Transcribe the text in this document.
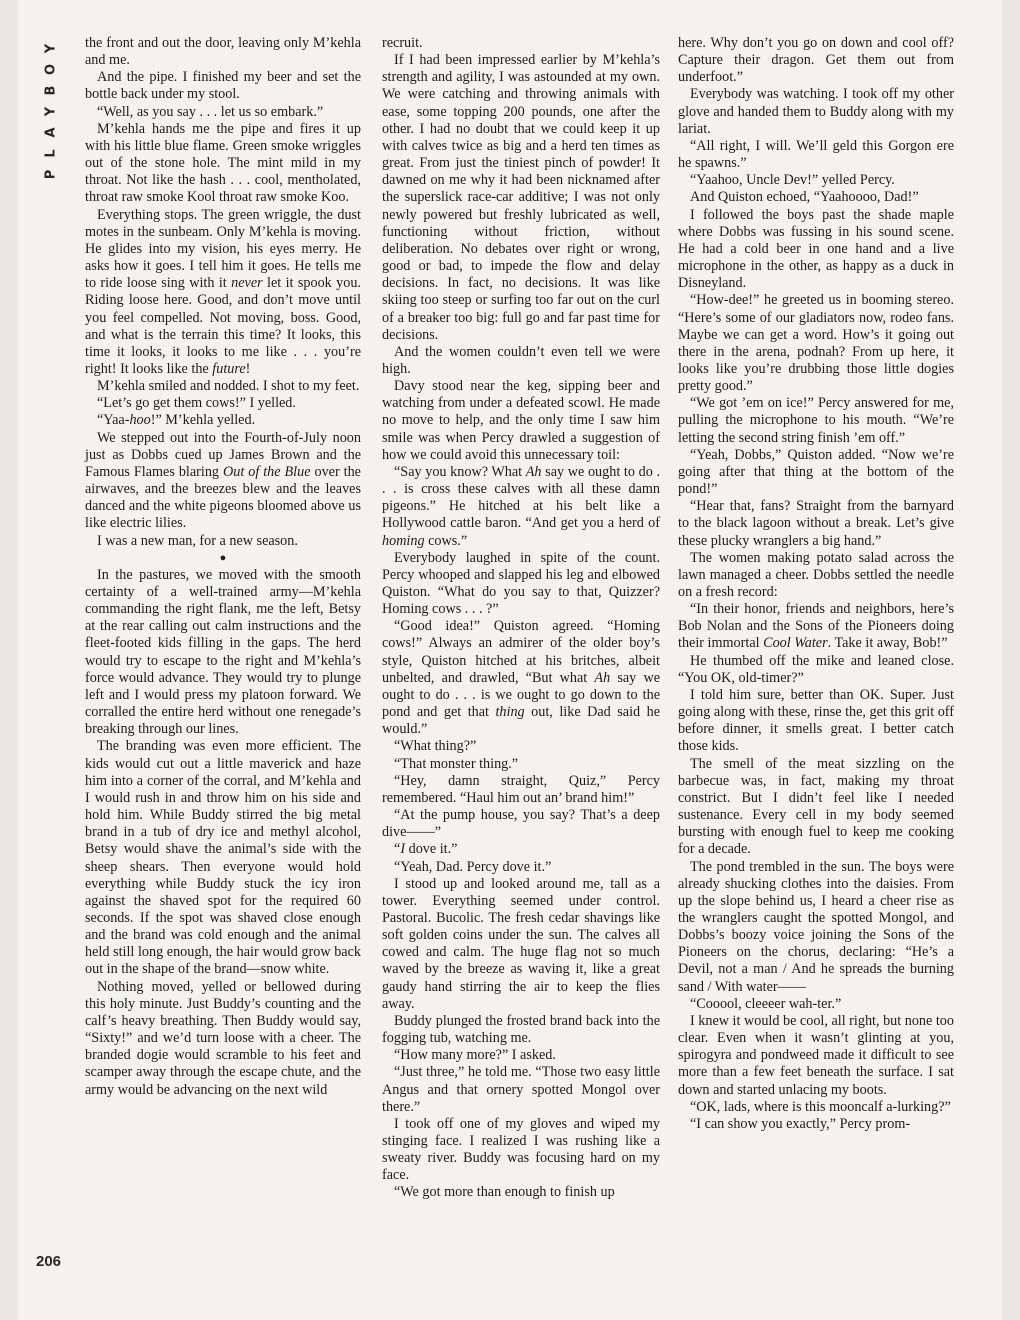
Y
O
B
Y
A
L
P
206

the front and out the door, leaving only M’kehla and me.

And the pipe. I finished my beer and set the bottle back under my stool.

“Well, as you say . . . let us so embark.”

M’kehla hands me the pipe and fires it up with his little blue flame. Green smoke wriggles out of the stone hole. The mint mild in my throat. Not like the hash . . . cool, mentholated, throat raw smoke Kool throat raw smoke Koo.

Everything stops. The green wriggle, the dust motes in the sunbeam. Only M’kehla is moving. He glides into my vision, his eyes merry. He asks how it goes. I tell him it goes. He tells me to ride loose sing with it never let it spook you. Riding loose here. Good, and don’t move until you feel compelled. Not moving, boss. Good, and what is the terrain this time? It looks, this time it looks, it looks to me like . . . you’re right! It looks like the future!

M’kehla smiled and nodded. I shot to my feet.

“Let’s go get them cows!” I yelled.

“Yaa-hoo!” M’kehla yelled.

We stepped out into the Fourth-of-July noon just as Dobbs cued up James Brown and the Famous Flames blaring Out of the Blue over the airwaves, and the breezes blew and the leaves danced and the white pigeons bloomed above us like electric lilies.

I was a new man, for a new season.

●

In the pastures, we moved with the smooth certainty of a well-trained army—M’kehla commanding the right flank, me the left, Betsy at the rear calling out calm instructions and the fleet-footed kids filling in the gaps. The herd would try to escape to the right and M’kehla’s force would advance. They would try to plunge left and I would press my platoon forward. We corralled the entire herd without one renegade’s breaking through our lines.

The branding was even more efficient. The kids would cut out a little maverick and haze him into a corner of the corral, and M’kehla and I would rush in and throw him on his side and hold him. While Buddy stirred the big metal brand in a tub of dry ice and methyl alcohol, Betsy would shave the animal’s side with the sheep shears. Then everyone would hold everything while Buddy stuck the icy iron against the shaved spot for the required 60 seconds. If the spot was shaved close enough and the brand was cold enough and the animal held still long enough, the hair would grow back out in the shape of the brand—snow white.

Nothing moved, yelled or bellowed during this holy minute. Just Buddy’s counting and the calf’s heavy breathing. Then Buddy would say, “Sixty!” and we’d turn loose with a cheer. The branded dogie would scramble to his feet and scamper away through the escape chute, and the army would be advancing on the next wild

recruit.

If I had been impressed earlier by M’kehla’s strength and agility, I was astounded at my own. We were catching and throwing animals with ease, some topping 200 pounds, one after the other. I had no doubt that we could keep it up with calves twice as big and a herd ten times as great. From just the tiniest pinch of powder! It dawned on me why it had been nicknamed after the superslick race-car additive; I was not only newly powered but freshly lubricated as well, functioning without friction, without deliberation. No debates over right or wrong, good or bad, to impede the flow and delay decisions. In fact, no decisions. It was like skiing too steep or surfing too far out on the curl of a breaker too big: full go and far past time for decisions.

And the women couldn’t even tell we were high.

Davy stood near the keg, sipping beer and watching from under a defeated scowl. He made no move to help, and the only time I saw him smile was when Percy drawled a suggestion of how we could avoid this unnecessary toil:

“Say you know? What Ah say we ought to do . . . is cross these calves with all these damn pigeons.” He hitched at his belt like a Hollywood cattle baron. “And get you a herd of homing cows.”

Everybody laughed in spite of the count. Percy whooped and slapped his leg and elbowed Quiston. “What do you say to that, Quizzer? Homing cows . . . ?”

“Good idea!” Quiston agreed. “Homing cows!” Always an admirer of the older boy’s style, Quiston hitched at his britches, albeit unbelted, and drawled, “But what Ah say we ought to do . . . is we ought to go down to the pond and get that thing out, like Dad said he would.”

“What thing?”

“That monster thing.”

“Hey, damn straight, Quiz,” Percy remembered. “Haul him out an’ brand him!”

“At the pump house, you say? That’s a deep dive——”

“I dove it.”

“Yeah, Dad. Percy dove it.”

I stood up and looked around me, tall as a tower. Everything seemed under control. Pastoral. Bucolic. The fresh cedar shavings like soft golden coins under the sun. The calves all cowed and calm. The huge flag not so much waved by the breeze as waving it, like a great gaudy hand stirring the air to keep the flies away.

Buddy plunged the frosted brand back into the fogging tub, watching me.

“How many more?” I asked.

“Just three,” he told me. “Those two easy little Angus and that ornery spotted Mongol over there.”

I took off one of my gloves and wiped my stinging face. I realized I was rushing like a sweaty river. Buddy was focusing hard on my face.

“We got more than enough to finish up

here. Why don’t you go on down and cool off? Capture their dragon. Get them out from underfoot.”

Everybody was watching. I took off my other glove and handed them to Buddy along with my lariat.

“All right, I will. We’ll geld this Gorgon ere he spawns.”

“Yaahoo, Uncle Dev!” yelled Percy.

And Quiston echoed, “Yaahoooo, Dad!”

I followed the boys past the shade maple where Dobbs was fussing in his sound scene. He had a cold beer in one hand and a live microphone in the other, as happy as a duck in Disneyland.

“How-dee!” he greeted us in booming stereo. “Here’s some of our gladiators now, rodeo fans. Maybe we can get a word. How’s it going out there in the arena, podnah? From up here, it looks like you’re drubbing those little dogies pretty good.”

“We got ’em on ice!” Percy answered for me, pulling the microphone to his mouth. “We’re letting the second string finish ’em off.”

“Yeah, Dobbs,” Quiston added. “Now we’re going after that thing at the bottom of the pond!”

“Hear that, fans? Straight from the barnyard to the black lagoon without a break. Let’s give these plucky wranglers a big hand.”

The women making potato salad across the lawn managed a cheer. Dobbs settled the needle on a fresh record:

“In their honor, friends and neighbors, here’s Bob Nolan and the Sons of the Pioneers doing their immortal Cool Water. Take it away, Bob!”

He thumbed off the mike and leaned close. “You OK, old-timer?”

I told him sure, better than OK. Super. Just going along with these, rinse the, get this grit off before dinner, it smells great. I better catch those kids.

The smell of the meat sizzling on the barbecue was, in fact, making my throat constrict. But I didn’t feel like I needed sustenance. Every cell in my body seemed bursting with enough fuel to keep me cooking for a decade.

The pond trembled in the sun. The boys were already shucking clothes into the daisies. From up the slope behind us, I heard a cheer rise as the wranglers caught the spotted Mongol, and Dobbs’s boozy voice joining the Sons of the Pioneers on the chorus, declaring: “He’s a Devil, not a man / And he spreads the burning sand / With water——

“Cooool, cleeeer wah-ter.”

I knew it would be cool, all right, but none too clear. Even when it wasn’t glinting at you, spirogyra and pondweed made it difficult to see more than a few feet beneath the surface. I sat down and started unlacing my boots.

“OK, lads, where is this mooncalf a-lurking?”

“I can show you exactly,” Percy prom-
